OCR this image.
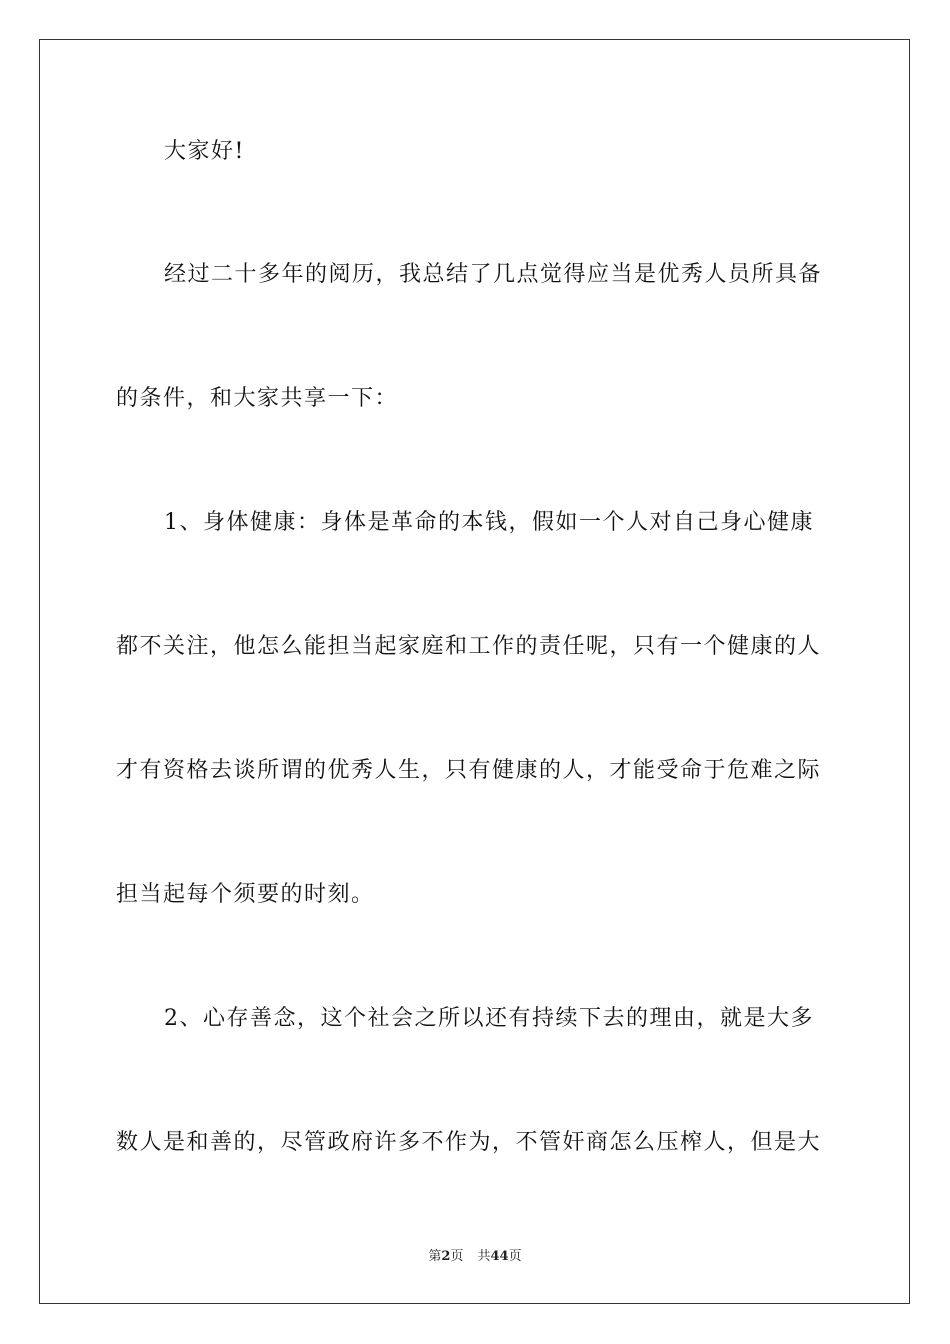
大家好!
经过二十多年的阅历，我总结了几点觉得应当是优秀人员所具备
的条件，和大家共享一下：
1、身体健康：身体是革命的本钱，假如一个人对自己身心健康
都不关注，他怎么能担当起家庭和工作的责任呢，只有一个健康的人
才有资格去谈所谓的优秀人生，只有健康的人，才能受命于危难之际
担当起每个须要的时刻。
2、心存善念，这个社会之所以还有持续下去的理由，就是大多
数人是和善的，尽管政府许多不作为，不管奸商怎么压榨人，但是大
第2页 共44页
